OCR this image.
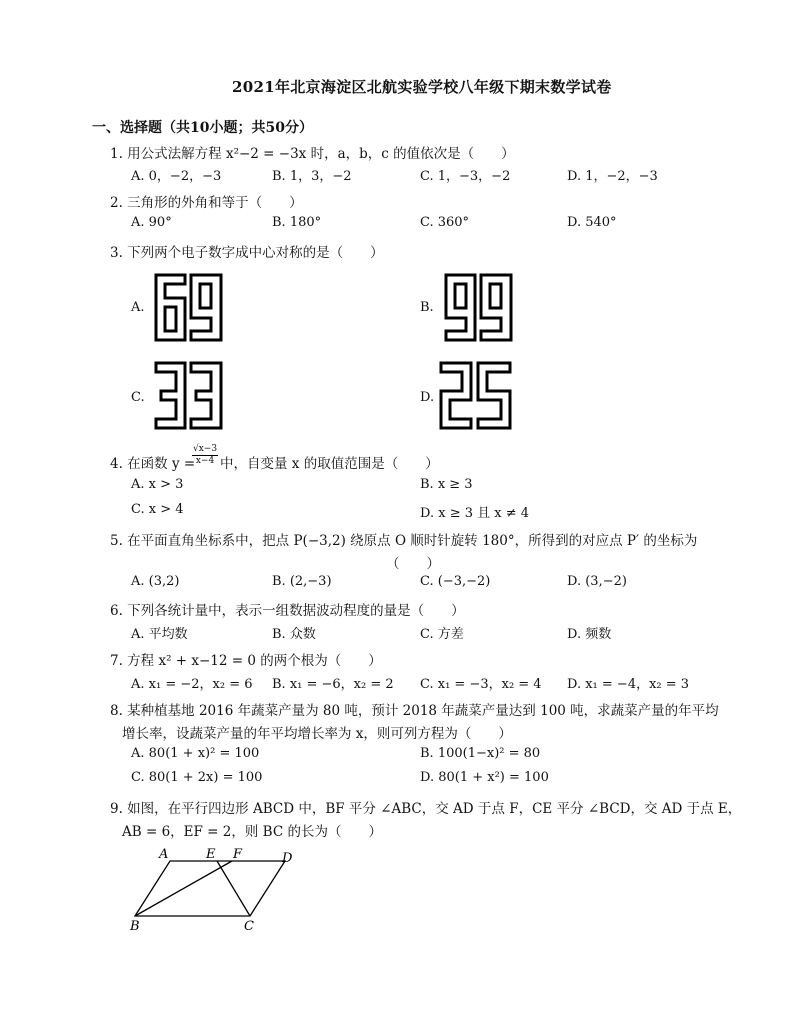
2021年北京海淀区北航实验学校八年级下期末数学试卷
一、选择题（共10小题；共50分）
1. 用公式法解方程 x²−2 = −3x 时，a，b，c 的值依次是（　　）
A. 0，−2，−3	B. 1，3，−2	C. 1，−3，−2	D. 1，−2，−3
2. 三角形的外角和等于（　　）
A. 90°	B. 180°	C. 360°	D. 540°
3. 下列两个电子数字成中心对称的是（　　）
A.	B.
C.	D.
4. 在函数 y =
$\frac{√x-3}{x-4}$ 中，自变量 x 的取值范围是（　　）
A. x > 3	B. x ≥ 3
C. x > 4	D. x ≥ 3 且 x ≠ 4
5. 在平面直角坐标系中，把点 P(−3,2) 绕原点 O 顺时针旋转 180°，所得到的对应点 P′ 的坐标为
（　　）
A. (3,2)	B. (2,−3)	C. (−3,−2)	D. (3,−2)
6. 下列各统计量中，表示一组数据波动程度的量是（　　）
A. 平均数	B. 众数	C. 方差	D. 频数
7. 方程 x² + x−12 = 0 的两个根为（　　）
A. x₁ = −2，x₂ = 6 B. x₁ = −6，x₂ = 2 C. x₁ = −3，x₂ = 4 D. x₁ = −4，x₂ = 3
8. 某种植基地 2016 年蔬菜产量为 80 吨，预计 2018 年蔬菜产量达到 100 吨，求蔬菜产量的年平均
增长率，设蔬菜产量的年平均增长率为 x，则可列方程为（　　）
A. 80(1 + x)² = 100	B. 100(1−x)² = 80
C. 80(1 + 2x) = 100	D. 80(1 + x²) = 100
9. 如图，在平行四边形 ABCD 中，BF 平分 ∠ABC，交 AD 于点 F，CE 平分 ∠BCD，交 AD 于点 E，
AB = 6，EF = 2，则 BC 的长为（　　）
A	E F	D
B	C
